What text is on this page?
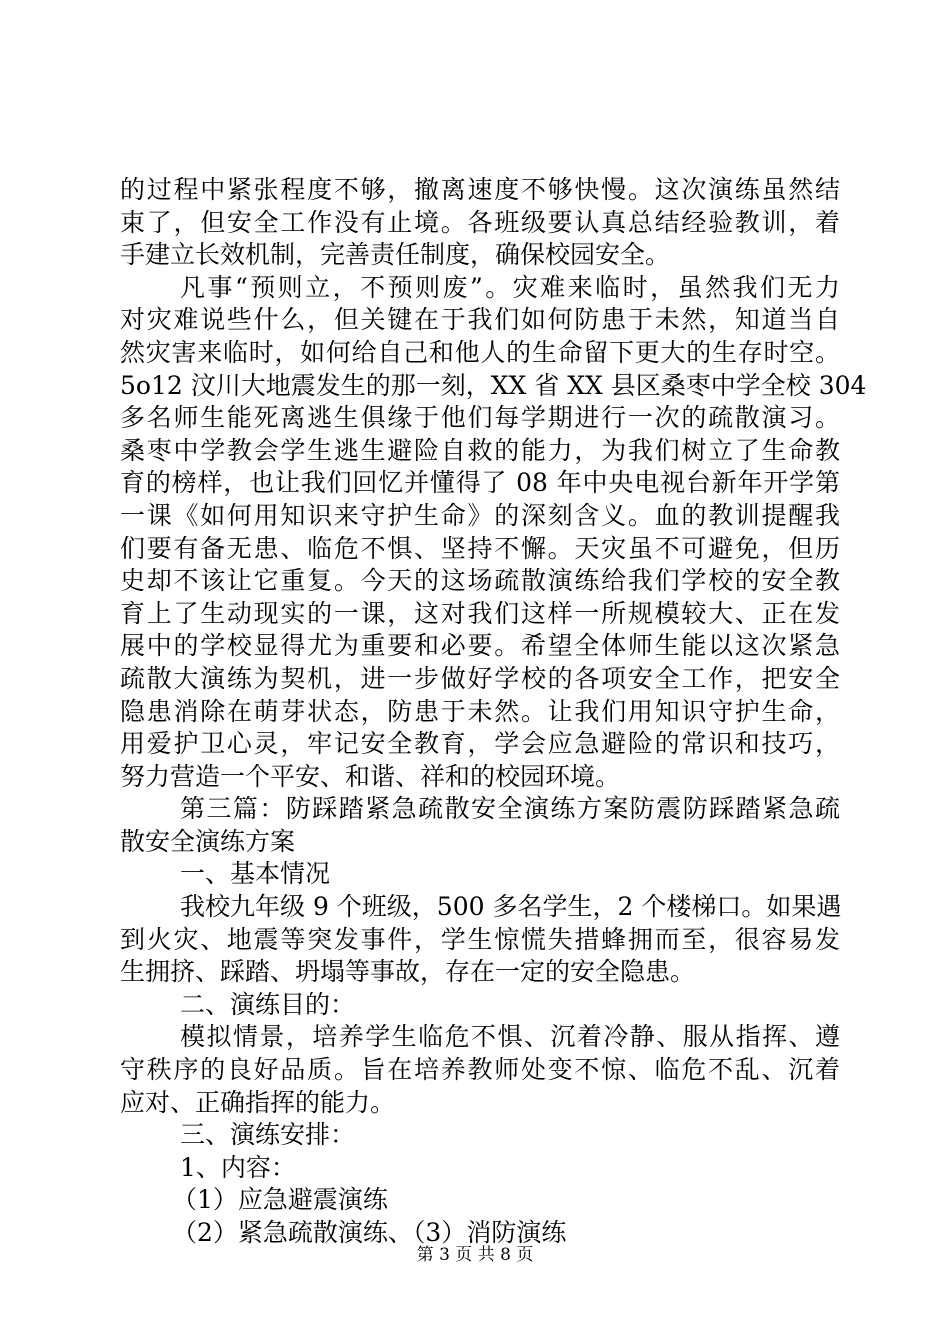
的过程中紧张程度不够，撤离速度不够快慢。这次演练虽然结
束了，但安全工作没有止境。各班级要认真总结经验教训，着
手建立长效机制，完善责任制度，确保校园安全。
凡事“预则立，不预则废”。灾难来临时，虽然我们无力
对灾难说些什么，但关键在于我们如何防患于未然，知道当自
然灾害来临时，如何给自己和他人的生命留下更大的生存时空。
5o12 汶川大地震发生的那一刻，XX 省 XX 县区桑枣中学全校 304
多名师生能死离逃生俱缘于他们每学期进行一次的疏散演习。
桑枣中学教会学生逃生避险自救的能力，为我们树立了生命教
育的榜样，也让我们回忆并懂得了 08 年中央电视台新年开学第
一课《如何用知识来守护生命》的深刻含义。血的教训提醒我
们要有备无患、临危不惧、坚持不懈。天灾虽不可避免，但历
史却不该让它重复。今天的这场疏散演练给我们学校的安全教
育上了生动现实的一课，这对我们这样一所规模较大、正在发
展中的学校显得尤为重要和必要。希望全体师生能以这次紧急
疏散大演练为契机，进一步做好学校的各项安全工作，把安全
隐患消除在萌芽状态，防患于未然。让我们用知识守护生命，
用爱护卫心灵，牢记安全教育，学会应急避险的常识和技巧，
努力营造一个平安、和谐、祥和的校园环境。
第三篇：防踩踏紧急疏散安全演练方案防震防踩踏紧急疏
散安全演练方案
一、基本情况
我校九年级 9 个班级，500 多名学生，2 个楼梯口。如果遇
到火灾、地震等突发事件，学生惊慌失措蜂拥而至，很容易发
生拥挤、踩踏、坍塌等事故，存在一定的安全隐患。
二、演练目的：
模拟情景，培养学生临危不惧、沉着冷静、服从指挥、遵
守秩序的良好品质。旨在培养教师处变不惊、临危不乱、沉着
应对、正确指挥的能力。
三、演练安排：
1、内容：
（1）应急避震演练
（2）紧急疏散演练、（3）消防演练
第 3 页 共 8 页
